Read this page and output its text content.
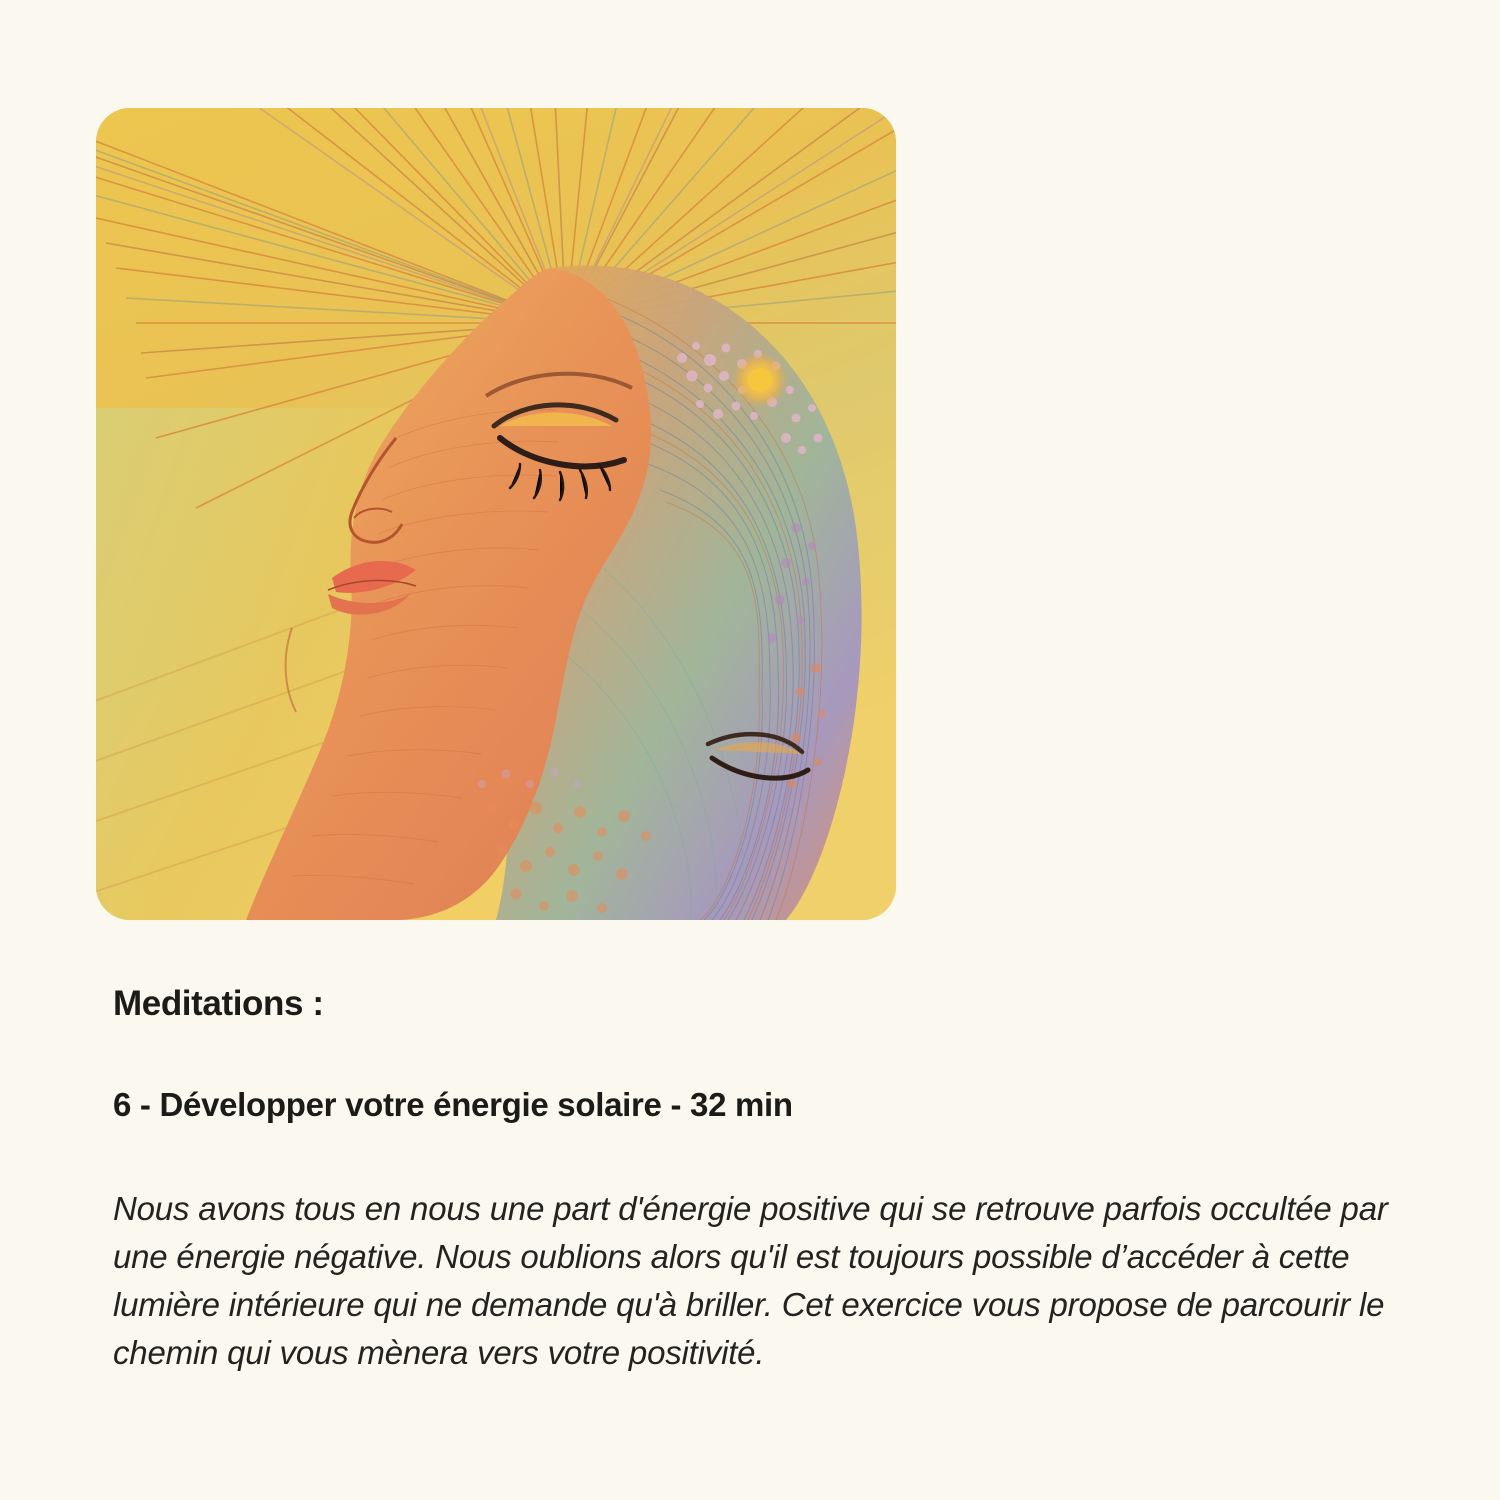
Meditations :
6 - Développer votre énergie solaire - 32 min

Nous avons tous en nous une part d'énergie positive qui se retrouve parfois occultée par une énergie négative. Nous oublions alors qu'il est toujours possible d’accéder à cette lumière intérieure qui ne demande qu'à briller. Cet exercice vous propose de parcourir le chemin qui vous mènera vers votre positivité.
